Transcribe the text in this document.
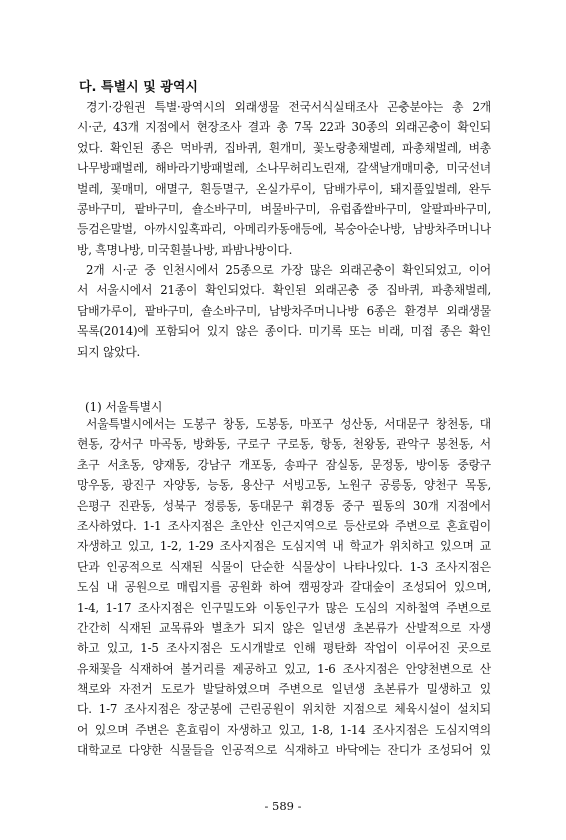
다. 특별시 및 광역시
경기·강원권 특별·광역시의 외래생물 전국서식실태조사 곤충분야는 총 2개
시·군, 43개 지점에서 현장조사 결과 총 7목 22과 30종의 외래곤충이 확인되
었다. 확인된 종은 먹바퀴, 집바퀴, 흰개미, 꽃노랑총채벌레, 파총채벌레, 벼총
나무방패벌레, 해바라기방패벌레, 소나무허리노린재, 갈색날개매미충, 미국선녀
벌레, 꽃매미, 애멸구, 흰등멸구, 온실가루이, 담배가루이, 돼지풀잎벌레, 완두
콩바구미, 팥바구미, 숄소바구미, 벼물바구미, 유럽좁쌀바구미, 알팔파바구미,
등검은말벌, 아까시잎혹파리, 아메리카동애등에, 복숭아순나방, 남방차주머니나
방, 흑명나방, 미국흰불나방, 파밤나방이다.
2개 시·군 중 인천시에서 25종으로 가장 많은 외래곤충이 확인되었고, 이어
서 서울시에서 21종이 확인되었다. 확인된 외래곤충 중 집바퀴, 파총채벌레,
담배가루이, 팥바구미, 숄소바구미, 남방차주머니나방 6종은 환경부 외래생물
목록(2014)에 포함되어 있지 않은 종이다. 미기록 또는 비래, 미접 종은 확인
되지 않았다.
(1) 서울특별시
서울특별시에서는 도봉구 창동, 도봉동, 마포구 성산동, 서대문구 창천동, 대
현동, 강서구 마곡동, 방화동, 구로구 구로동, 항동, 천왕동, 관악구 봉천동, 서
초구 서초동, 양재동, 강남구 개포동, 송파구 잠실동, 문정동, 방이동 중랑구
망우동, 광진구 자양동, 능동, 용산구 서빙고동, 노원구 공릉동, 양천구 목동,
은평구 진관동, 성북구 정릉동, 동대문구 휘경동 중구 필동의 30개 지점에서
조사하였다. 1-1 조사지점은 초안산 인근지역으로 등산로와 주변으로 혼효림이
자생하고 있고, 1-2, 1-29 조사지점은 도심지역 내 학교가 위치하고 있으며 교
단과 인공적으로 식재된 식물이 단순한 식물상이 나타나있다. 1-3 조사지점은
도심 내 공원으로 매립지를 공원화 하여 캠핑장과 갈대숲이 조성되어 있으며,
1-4, 1-17 조사지점은 인구밀도와 이동인구가 많은 도심의 지하철역 주변으로
간간히 식재된 교목류와 별초가 되지 않은 일년생 초본류가 산발적으로 자생
하고 있고, 1-5 조사지점은 도시개발로 인해 평탄화 작업이 이루어진 곳으로
유채꽃을 식재하여 볼거리를 제공하고 있고, 1-6 조사지점은 안양천변으로 산
책로와 자전거 도로가 발달하였으며 주변으로 일년생 초본류가 밀생하고 있
다. 1-7 조사지점은 장군봉에 근린공원이 위치한 지점으로 체육시설이 설치되
어 있으며 주변은 혼효림이 자생하고 있고, 1-8, 1-14 조사지점은 도심지역의
대학교로 다양한 식물들을 인공적으로 식재하고 바닥에는 잔디가 조성되어 있
- 589 -
